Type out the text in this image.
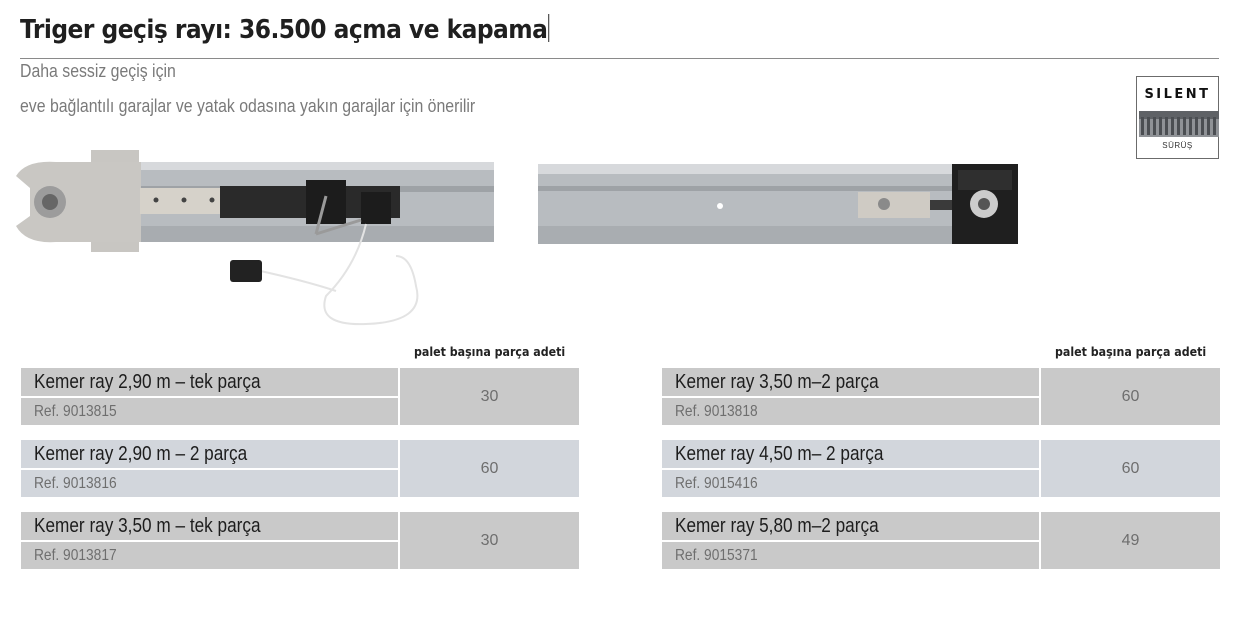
Triger geçiş rayı: 36.500 açma ve kapama
Daha sessiz geçiş için
eve bağlantılı garajlar ve yatak odasına yakın garajlar için önerilir
SILENT
SÜRÜŞ
palet başına parça adeti
Kemer ray 2,90 m – tek parça
Ref. 9013815
30
Kemer ray 2,90 m – 2 parça
Ref. 9013816
60
Kemer ray 3,50 m – tek parça
Ref. 9013817
30
palet başına parça adeti
Kemer ray 3,50 m–2 parça
Ref. 9013818
60
Kemer ray 4,50 m– 2 parça
Ref. 9015416
60
Kemer ray 5,80 m–2 parça
Ref. 9015371
49
